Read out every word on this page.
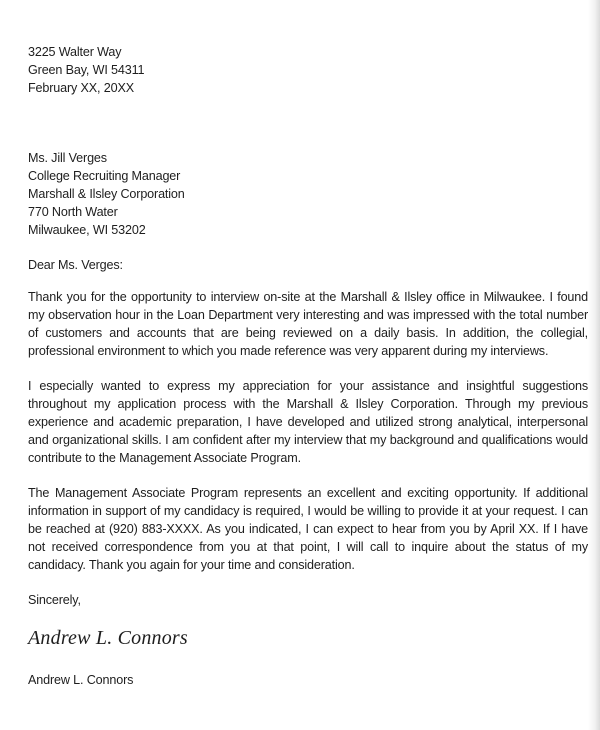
3225 Walter Way
Green Bay, WI 54311
February XX, 20XX
Ms. Jill Verges
College Recruiting Manager
Marshall & Ilsley Corporation
770 North Water
Milwaukee, WI 53202
Dear Ms. Verges:
Thank you for the opportunity to interview on-site at the Marshall & Ilsley office in Milwaukee. I found my observation hour in the Loan Department very interesting and was impressed with the total number of customers and accounts that are being reviewed on a daily basis. In addition, the collegial, professional environment to which you made reference was very apparent during my interviews.
I especially wanted to express my appreciation for your assistance and insightful suggestions throughout my application process with the Marshall & Ilsley Corporation. Through my previous experience and academic preparation, I have developed and utilized strong analytical, interpersonal and organizational skills. I am confident after my interview that my background and qualifications would contribute to the Management Associate Program.
The Management Associate Program represents an excellent and exciting opportunity. If additional information in support of my candidacy is required, I would be willing to provide it at your request. I can be reached at (920) 883-XXXX. As you indicated, I can expect to hear from you by April XX. If I have not received correspondence from you at that point, I will call to inquire about the status of my candidacy. Thank you again for your time and consideration.
Sincerely,
Andrew L. Connors
Andrew L. Connors
